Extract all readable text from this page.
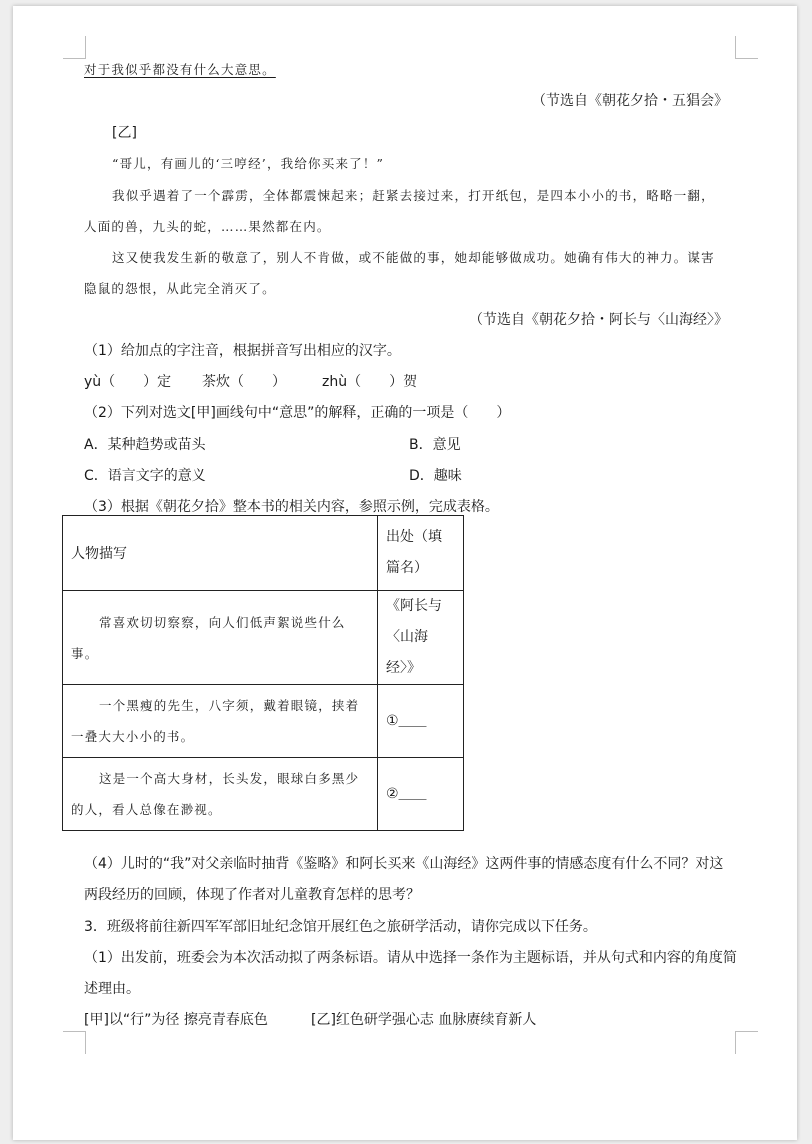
对于我似乎都没有什么大意思。
（节选自《朝花夕拾・五猖会》
[乙]
“哥儿，有画儿的‘三哼经’，我给你买来了！”
我似乎遇着了一个霹雳，全体都震悚起来；赶紧去接过来，打开纸包，是四本小小的书，略略一翻，
人面的兽，九头的蛇，……果然都在内。
这又使我发生新的敬意了，别人不肯做，或不能做的事，她却能够做成功。她确有伟大的神力。谋害
隐鼠的怨恨，从此完全消灭了。
（节选自《朝花夕拾・阿长与〈山海经〉》
（1）给加点的字注音，根据拼音写出相应的汉字。
yù（　　）定 茶炊（　　）	zhù（　　）贺
（2）下列对选文[甲]画线句中“意思”的解释，正确的一项是（　　）
A．某种趋势或苗头	B．意见
C．语言文字的意义	D．趣味
（3）根据《朝花夕拾》整本书的相关内容，参照示例，完成表格。
人物描写	出处（填篇名）
常喜欢切切察察，向人们低声絮说些什么事。	《阿长与〈山海经〉》
一个黑瘦的先生，八字须，戴着眼镜，挟着一叠大大小小的书。	①＿＿
这是一个高大身材，长头发，眼球白多黑少的人，看人总像在渺视。	②＿＿
（4）儿时的“我”对父亲临时抽背《鉴略》和阿长买来《山海经》这两件事的情感态度有什么不同？对这
两段经历的回顾，体现了作者对儿童教育怎样的思考？
3．班级将前往新四军军部旧址纪念馆开展红色之旅研学活动，请你完成以下任务。
（1）出发前，班委会为本次活动拟了两条标语。请从中选择一条作为主题标语，并从句式和内容的角度简
述理由。
[甲]以“行”为径 擦亮青春底色	[乙]红色研学强心志 血脉赓续育新人
